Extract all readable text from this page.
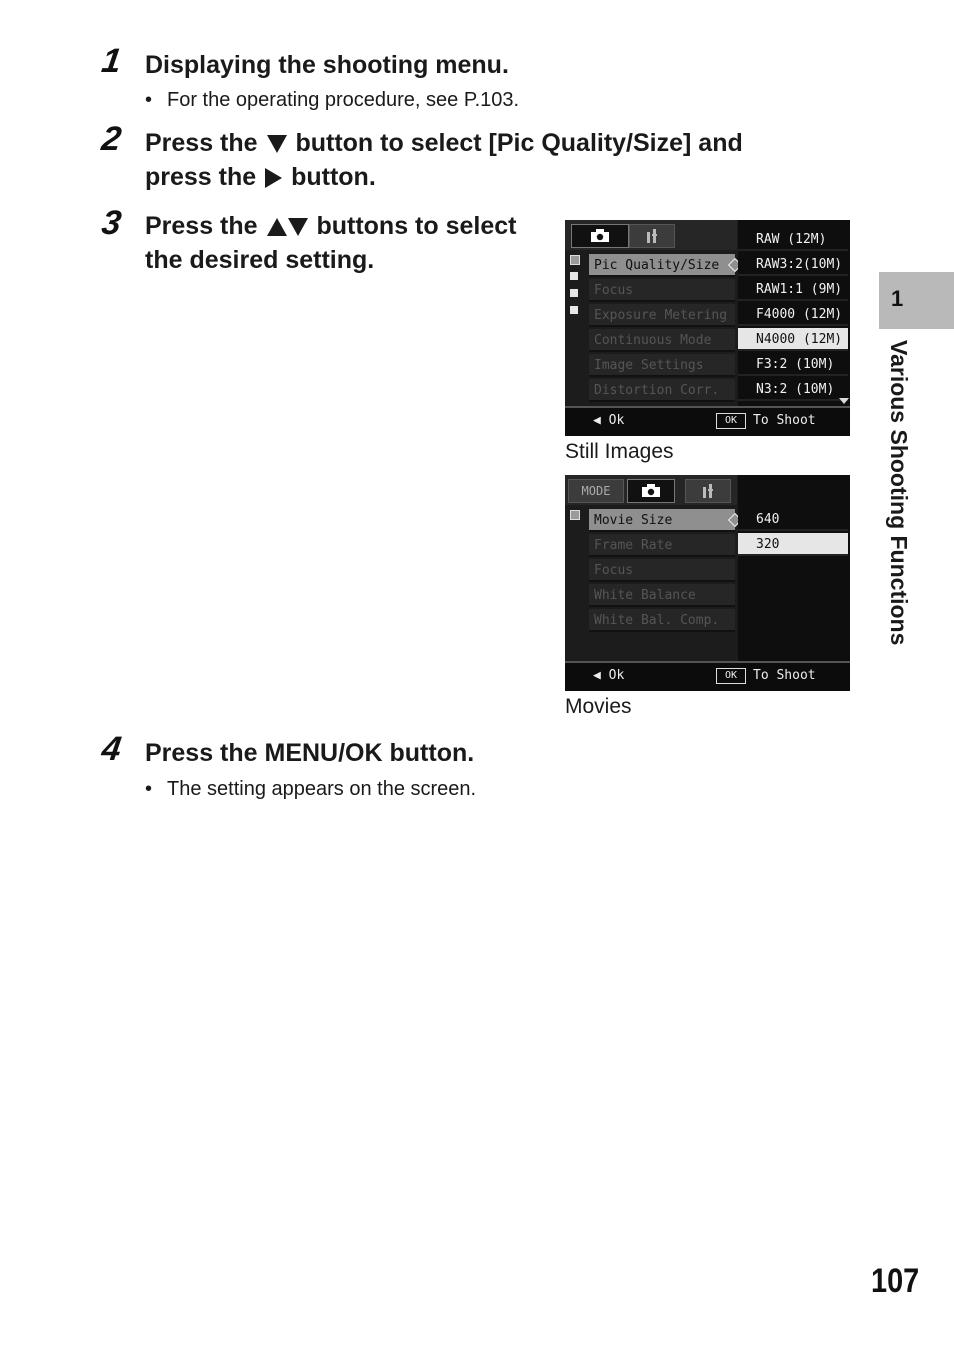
1 Displaying the shooting menu.
• For the operating procedure, see P.103.
2 Press the button to select [Pic Quality/Size] and
press the button.
3 Press the buttons to select
the desired setting.	Pic Quality/Size
Focus
Exposure Metering
Continuous Mode
Image Settings
Distortion Corr.
RAW (12M)
RAW3:2(10M)
RAW1:1 (9M)
F4000 (12M)
N4000 (12M)
F3:2 (10M)
N3:2 (10M)
◀ Ok	OK	To Shoot
Still Images
MODE
Movie Size
Frame Rate
Focus
White Balance
White Bal. Comp.
640
320
◀ Ok	OK	To Shoot
Movies
4 Press the MENU/OK button.
• The setting appears on the screen.
1
Various Shooting Functions
107
